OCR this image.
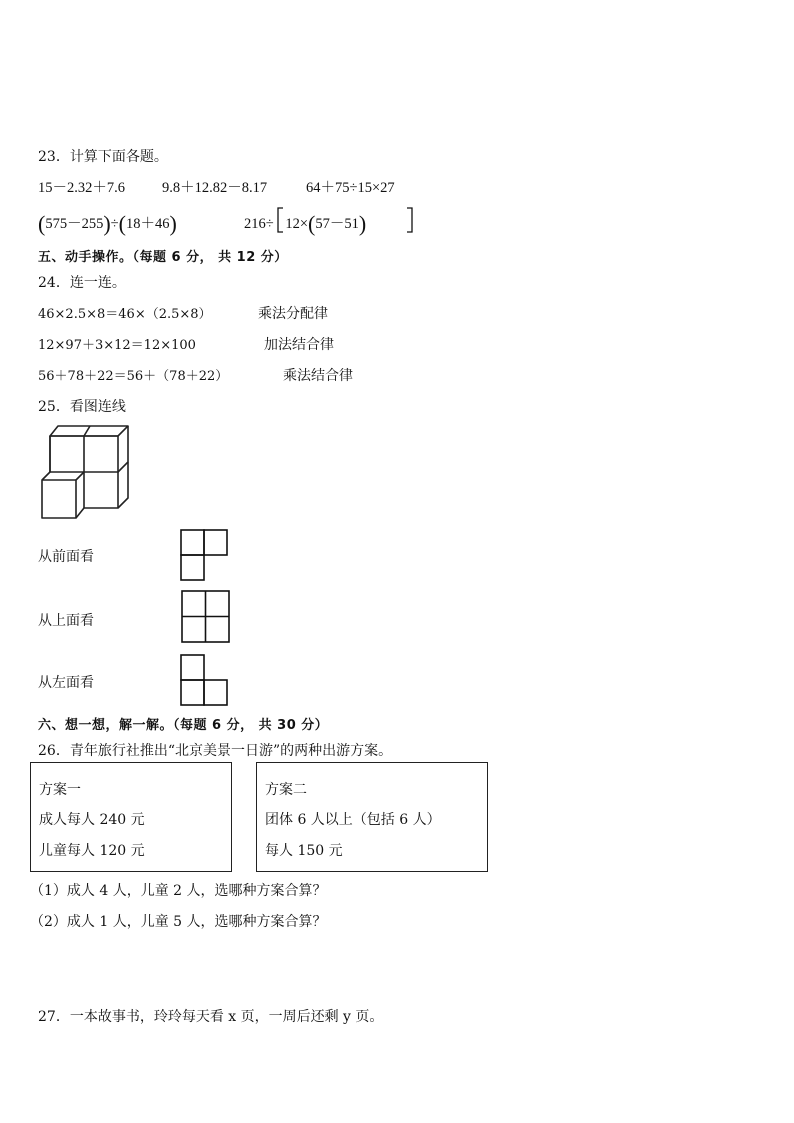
23．计算下面各题。
15－2.32＋7.6	9.8＋12.82－8.17	64＋75÷15×27
(575－255)÷(18＋46)	216÷ 12×(57－51)
五、动手操作。（每题 6 分， 共 12 分）
24．连一连。
46×2.5×8＝46×（2.5×8）	乘法分配律
12×97＋3×12＝12×100	加法结合律
56＋78＋22＝56＋（78＋22）	乘法结合律
25．看图连线
从前面看
从上面看
从左面看
六、想一想，解一解。（每题 6 分， 共 30 分）
26．青年旅行社推出“北京美景一日游”的两种出游方案。
方案一
成人每人 240 元
儿童每人 120 元
方案二
团体 6 人以上（包括 6 人）
每人 150 元
（1）成人 4 人，儿童 2 人，选哪种方案合算？
（2）成人 1 人，儿童 5 人，选哪种方案合算？
27．一本故事书，玲玲每天看 x 页，一周后还剩 y 页。
